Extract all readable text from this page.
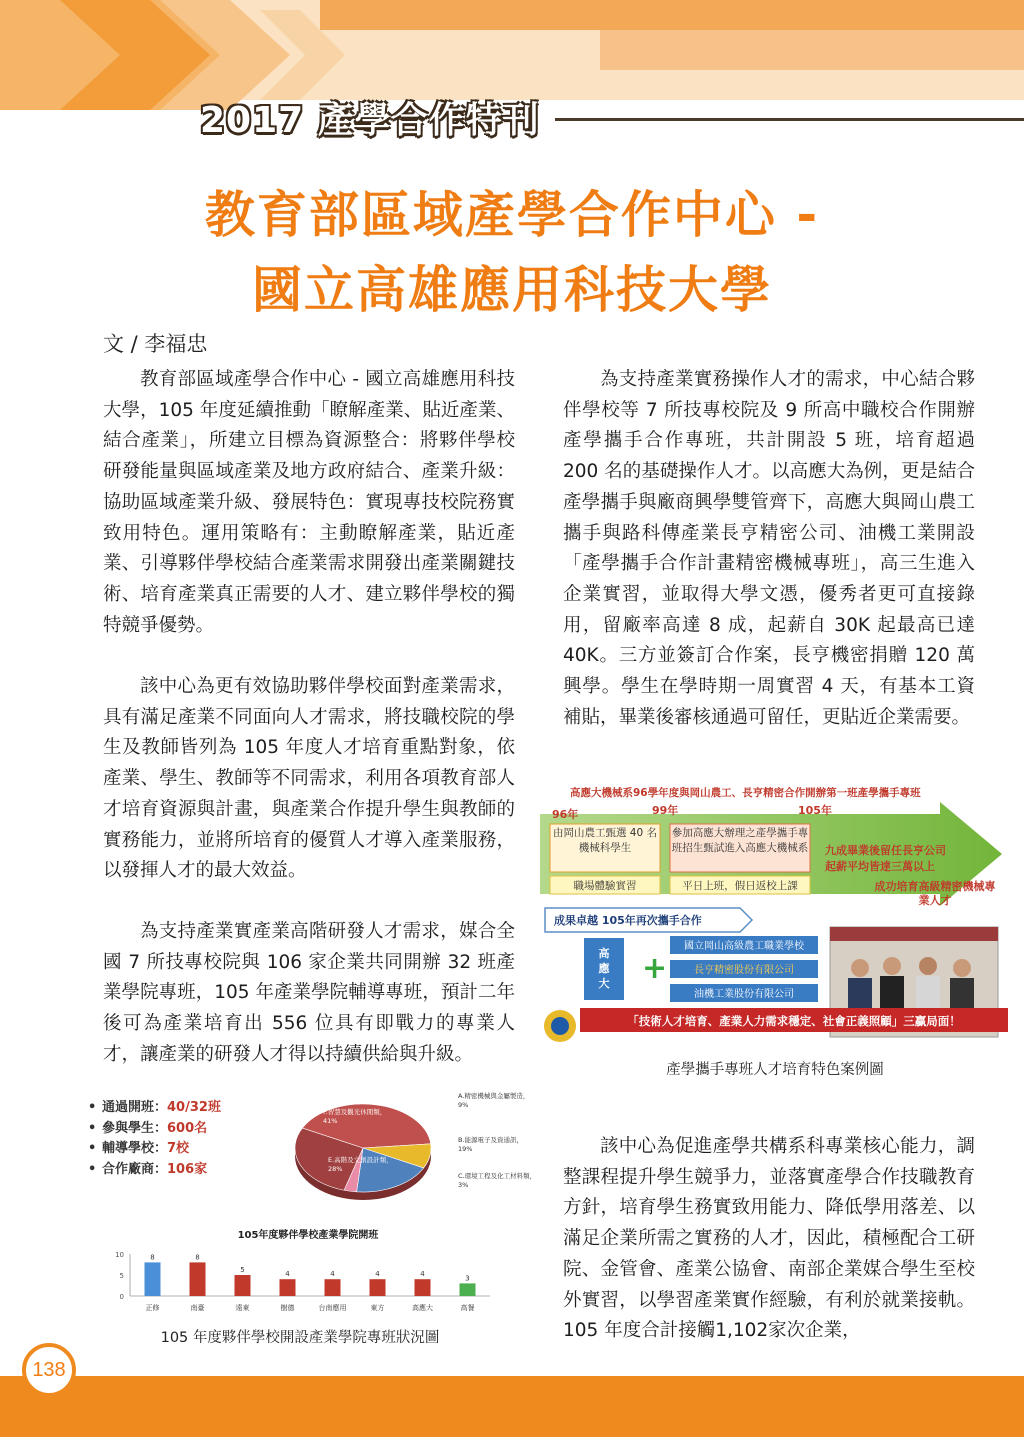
2017 產學合作特刊
教育部區域產學合作中心 -
國立高雄應用科技大學
文 / 李福忠

教育部區域產學合作中心 - 國立高雄應用科技大學，105 年度延續推動「瞭解產業、貼近產業、結合產業」，所建立目標為資源整合：將夥伴學校研發能量與區域產業及地方政府結合、產業升級：協助區域產業升級、發展特色：實現專技校院務實致用特色。運用策略有：主動瞭解產業，貼近產業、引導夥伴學校結合產業需求開發出產業關鍵技術、培育產業真正需要的人才、建立夥伴學校的獨特競爭優勢。

該中心為更有效協助夥伴學校面對產業需求，具有滿足產業不同面向人才需求，將技職校院的學生及教師皆列為 105 年度人才培育重點對象，依產業、學生、教師等不同需求，利用各項教育部人才培育資源與計畫，與產業合作提升學生與教師的實務能力，並將所培育的優質人才導入產業服務，以發揮人才的最大效益。

為支持產業實產業高階研發人才需求，媒合全國 7 所技專校院與 106 家企業共同開辦 32 班產業學院專班，105 年產業學院輔導專班，預計二年後可為產業培育出 556 位具有即戰力的專業人才，讓產業的研發人才得以持續供給與升級。

• 通過開班：40/32班
• 參與學生：600名
• 輔導學校：7校
• 合作廠商：106家
F.智慧及觀光休閒類， 41%
A.精密機械與金屬製造， 9%
B.能源電子及資通訊， 19%
C.環境工程及化工材料類， 3%
E.高階及文創設計類， 28%
105年度夥伴學校產業學院開班
0
5
10	8
正修
8
南臺
5
遠東
4
樹德
4
台南應用
4
東方
4
高應大
3
高餐
105 年度夥伴學校開設產業學院專班狀況圖

為支持產業實務操作人才的需求，中心結合夥伴學校等 7 所技專校院及 9 所高中職校合作開辦產學攜手合作專班，共計開設 5 班，培育超過 200 名的基礎操作人才。以高應大為例，更是結合產學攜手與廠商興學雙管齊下，高應大與岡山農工攜手與路科傳產業長亨精密公司、油機工業開設「產學攜手合作計畫精密機械專班」，高三生進入企業實習，並取得大學文憑，優秀者更可直接錄用，留廠率高達 8 成，起薪自 30K 起最高已達 40K。三方並簽訂合作案，長亨機密捐贈 120 萬興學。學生在學時期一周實習 4 天，有基本工資補貼，畢業後審核通過可留任，更貼近企業需要。

高應大機械系96學年度與岡山農工、長亨精密合作開辦第一班產學攜手專班
96年	99年	105年
由岡山農工甄選 40 名機械科學生
參加高應大辦理之產學攜手專班招生甄試進入高應大機械系 九成畢業後留任長亨公司
起薪平均皆達三萬以上
職場體驗實習	平日上班，假日返校上課	成功培育高級精密機械專業人才
成果卓越 105年再次攜手合作
高應大	+
國立岡山高級農工職業學校
長亨精密股份有限公司
油機工業股份有限公司
「技術人才培育、產業人力需求穩定、社會正義照顧」三贏局面！
產學攜手專班人才培育特色案例圖

該中心為促進產學共構系科專業核心能力，調整課程提升學生競爭力，並落實產學合作技職教育方針，培育學生務實致用能力、降低學用落差、以滿足企業所需之實務的人才，因此，積極配合工研院、金管會、產業公協會、南部企業媒合學生至校外實習，以學習產業實作經驗，有利於就業接軌。105 年度合計接觸1,102家次企業，

138
